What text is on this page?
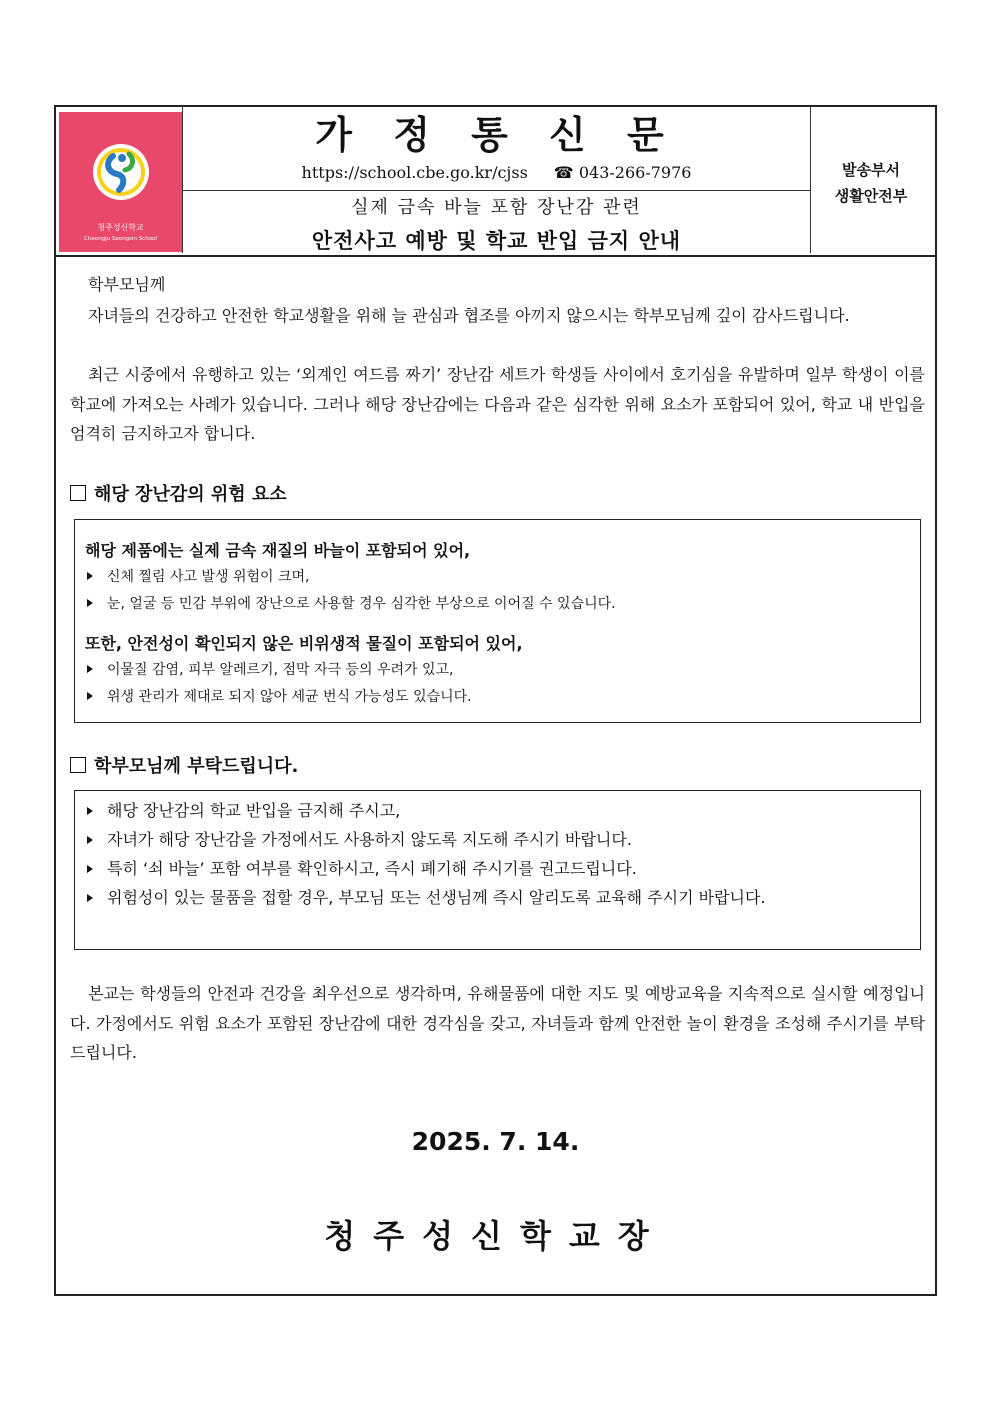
청주성신학교
Cheongju Seongsin School
가 정 통 신 문
https://school.cbe.go.kr/cjss ☎ 043-266-7976
실제 금속 바늘 포함 장난감 관련
안전사고 예방 및 학교 반입 금지 안내
발송부서
생활안전부
학부모님께
자녀들의 건강하고 안전한 학교생활을 위해 늘 관심과 협조를 아끼지 않으시는 학부모님께 깊이 감사드립니다.
최근 시중에서 유행하고 있는 ‘외계인 여드름 짜기’ 장난감 세트가 학생들 사이에서 호기심을 유발하며 일부 학생이 이를 학교에 가져오는 사례가 있습니다. 그러나 해당 장난감에는 다음과 같은 심각한 위해 요소가 포함되어 있어, 학교 내 반입을 엄격히 금지하고자 합니다.
해당 장난감의 위험 요소
해당 제품에는 실제 금속 재질의 바늘이 포함되어 있어,
신체 찔림 사고 발생 위험이 크며,
눈, 얼굴 등 민감 부위에 장난으로 사용할 경우 심각한 부상으로 이어질 수 있습니다.
또한, 안전성이 확인되지 않은 비위생적 물질이 포함되어 있어,
이물질 감염, 피부 알레르기, 점막 자극 등의 우려가 있고,
위생 관리가 제대로 되지 않아 세균 번식 가능성도 있습니다.
학부모님께 부탁드립니다.
해당 장난감의 학교 반입을 금지해 주시고,
자녀가 해당 장난감을 가정에서도 사용하지 않도록 지도해 주시기 바랍니다.
특히 ‘쇠 바늘’ 포함 여부를 확인하시고, 즉시 폐기해 주시기를 권고드립니다.
위험성이 있는 물품을 접할 경우, 부모님 또는 선생님께 즉시 알리도록 교육해 주시기 바랍니다.
본교는 학생들의 안전과 건강을 최우선으로 생각하며, 유해물품에 대한 지도 및 예방교육을 지속적으로 실시할 예정입니다. 가정에서도 위험 요소가 포함된 장난감에 대한 경각심을 갖고, 자녀들과 함께 안전한 놀이 환경을 조성해 주시기를 부탁드립니다.
2025. 7. 14.
청주성신학교장
